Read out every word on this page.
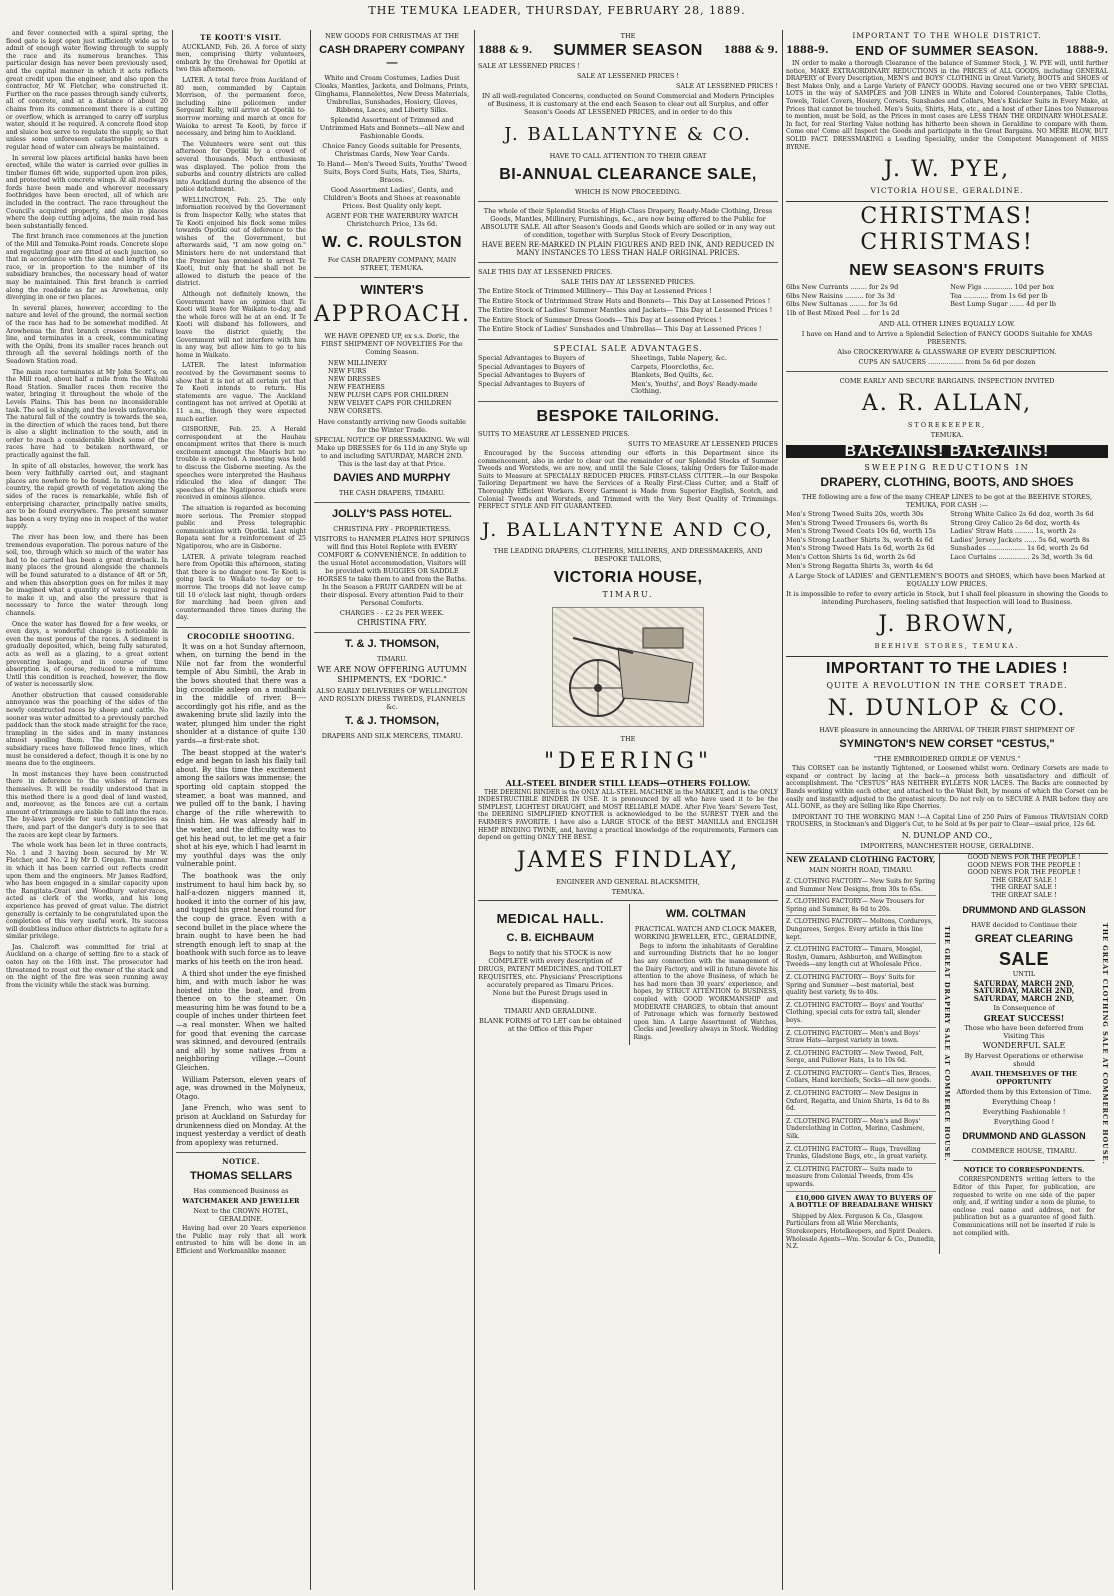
THE TEMUKA LEADER, THURSDAY, FEBRUARY 28, 1889.
and fever connected with a spiral spring, the flood gate is kept open just sufficiently wide as to admit of enough water flowing through to supply the race and its numerous branches. This particular design has never been previously used, and the capital manner in which it acts reflects great credit upon the engineer, and also upon the contractor, Mr W. Fletcher, who constructed it. Further on the race passes through sandy culverts, all of concrete, and at a distance of about 20 chains from its commencement there is a cutting or overflow, which is arranged to carry off surplus water, should it be required. A concrete flood stop and sluice box serve to regulate the supply, so that unless some unforeseen catastrophe occurs a regular head of water can always be maintained.
In several low places artificial banks have been erected, while the water is carried over gullies in timber flumes 6ft wide, supported upon iron piles, and protected with concrete wings. At all roadways fords have been made and wherever necessary footbridges have been erected, all of which are included in the contract. The race throughout the Council's acquired property, and also in places where the deep cutting adjoins, the main road has been substantially fenced.
The first branch race commences at the junction of the Mill and Temuka-Point roads. Concrete slope and regulating gear are fitted at each junction, so that in accordance with the size and length of the race, or in proportion to the number of its subsidiary branches, the necessary head of water may be maintained. This first branch is carried along the roadside as far as Arowhenua, only diverging in one or two places.
In several places, however, according to the nature and level of the ground, the normal section of the race has had to be somewhat modified. At Arowhenua the first branch crosses the railway line, and terminates in a creek, communicating with the Opihi, from its smaller races branch out through all the several holdings north of the Seadown Station road.
The main race terminates at Mr John Scott's, on the Mill road, about half a mile from the Waitohi Road Station. Smaller races then receive the water, bringing it throughout the whole of the Levels Plains. This has been no inconsiderable task. The soil is shingly, and the levels unfavorable. The natural fall of the country is towards the sea, in the direction of which the races tend, but there is also a slight inclination to the south, and in order to reach a considerable block some of the races have had to betaken northward, or practically against the fall.
In spite of all obstacles, however, the work has been very faithfully carried out, and stagnant places are nowhere to be found. In traversing the country, the rapid growth of vegetation along the sides of the races is remarkable, while fish of enterprising character, principally native smelts, are to be found everywhere. The present summer has been a very trying one in respect of the water supply.
The river has been low, and there has been tremendous evaporation. The porous nature of the soil, too, through which so much of the water has had to be carried has been a great drawback. In many places the ground alongside the channels will be found saturated to a distance of 4ft or 5ft, and when this absorption goes on for miles it may be imagined what a quantity of water is required to make it up, and also the pressure that is necessary to force the water through long channels.
Once the water has flowed for a few weeks, or even days, a wonderful change is noticeable in even the most porous of the races. A sediment is gradually deposited, which, being fully saturated, acts as well as a glazing, to a great extent preventing leakage, and in course of time absorption is, of course, reduced to a minimum. Until this condition is reached, however, the flow of water is necessarily slow.
Another obstruction that caused considerable annoyance was the poaching of the sides of the newly constructed races by sheep and cattle. No sooner was water admitted to a previously parched paddock than the stock made straight for the race, trampling in the sides and in many instances almost spoiling them. The majority of the subsidiary races have followed fence lines, which must be considered a defect, though it is one by no means due to the engineers.
In most instances they have been constructed there in deference to the wishes of farmers themselves. It will be readily understood that in this method there is a good deal of land wasted, and, moreover, as the fences are cut a certain amount of trimmings are liable to fall into the race. The by-laws provide for such contingencies as there, and part of the danger's duty is to see that the races are kept clear by farmers.
The whole work has been let in three contracts, No. 1 and 3 having been secured by Mr W. Fletcher, and No. 2 by Mr D. Gregan. The manner in which it has been carried out reflects credit upon them and the engineers. Mr James Radford, who has been engaged in a similar capacity upon the Rangitata-Orari and Woodbury water-races, acted as clerk of the works, and his long experience has proved of great value. The district generally is certainly to be congratulated upon the completion of this very useful work. Its success will doubtless induce other districts to agitate for a similar privilege.
Jas. Chalcroft was committed for trial at Auckland on a charge of setting fire to a stack of oaten hay on the 16th inst. The prosecutor had threatened to roust out the owner of the stack and on the night of the fire was seen running away from the vicinity while the stack was burning.
TE KOOTI'S VISIT.
AUCKLAND, Feb. 26. A force of sixty men, comprising thirty volunteers, embark by the Orehawai for Opotiki at two this afternoon.
LATER. A total force from Auckland of 80 men, commanded by Captain Morrison, of the permanent force, including nine policemen under Sergeant Kelly, will arrive at Opotiki to-morrow morning and march at once for Waioka to arrest Te Kooti, by force if necessary, and bring him to Auckland.
The Volunteers were sent out this afternoon for Opotiki by a crowd of several thousands. Much enthusiasm was displayed. The police from the suburbs and country districts are called into Auckland during the absence of the police detachment.
WELLINGTON, Feb. 25. The only information received by the Government is from Inspector Kelly, who states that Te Kooti enjoined his flock some miles towards Opotiki out of deference to the wishes of the Government, but afterwards said, "I am now going on." Ministers here do not understand that the Premier has promised to arrest Te Kooti, but only that he shall not be allowed to disturb the peace of the district.
Although not definitely known, the Government have an opinion that Te Kooti will leave for Waikato to-day, and the whole force will be at an end. If Te Kooti will disband his followers, and leave the district quietly, the Government will not interfere with him in any way, but allow him to go to his home in Waikato.
LATER. The latest information received by the Government seems to show that it is not at all certain yet that Te Kooti intends to return. His statements are vague. The Auckland contingent has not arrived at Opotiki at 11 a.m., though they were expected much earlier.
GISBORNE, Feb. 25. A Herald correspondent at the Hauhau encampment writes that there is much excitement amongst the Maoris but no trouble is expected. A meeting was held to discuss the Gisborne meeting. As the speeches were interpreted the Hauhaus ridiculed the idea of danger. The speeches of the Ngatiporou chiefs were received in ominous silence.
The situation is regarded as becoming more serious. The Premier stopped public and Press telegraphic communication with Opotiki. Last night Ropata sent for a reinforcement of 25 Ngatiporou, who are in Gisborne.
LATER. A private telegram reached here from Opotiki this afternoon, stating that there is no danger now. Te Kooti is going back to Waikato to-day or to-morrow. The troops did not leave camp till 10 o'clock last night, though orders for marching had been given and countermanded three times during the day.
CROCODILE SHOOTING.
It was on a hot Sunday afternoon, when, on turning the bend in the Nile not far from the wonderful temple of Abu Simbil, the Arab in the bows shouted that there was a big crocodile asleep on a mudbank in the middle of river. B---- accordingly got his rifle, and as the awakening brute slid lazily into the water, plunged him under the right shoulder at a distance of quite 130 yards—a first-rate shot.
The beast stopped at the water's edge and began to lash his flaily tail about. By this time the excitement among the sailors was immense; the sporting old captain stopped the steamer, a boat was manned, and we pulled off to the bank, I having charge of the rifle wherewith to finish him. He was already half in the water, and the difficulty was to get his head out, to let me get a fair shot at his eye, which I had learnt in my youthful days was the only vulnerable point.
The boathook was the only instrument to haul him back by, so half-a-dozen niggers manned it, hooked it into the corner of his jaw, and tugged his great head round for the coup de grace. Even with a second bullet in the place where the brain ought to have been he had strength enough left to snap at the boathook with such force as to leave marks of his teeth on the iron head.
A third shot under the eye finished him, and with much labor he was hoisted into the boat, and from thence on to the steamer. On measuring him he was found to be a couple of inches under thirteen feet—a real monster. When we halted for good that evening the carcase was skinned, and devoured (entrails and all) by some natives from a neighboring village.—Count Gleichen.
William Paterson, eleven years of age, was drowned in the Molyneux, Otago.
Jane French, who was sent to prison at Auckland on Saturday for drunkenness died on Monday. At the inquest yesterday a verdict of death from apoplexy was returned.
NOTICE.
THOMAS SELLARS
Has commenced Business as
WATCHMAKER AND JEWELLER
Next to the CROWN HOTEL, GERALDINE.
Having had over 20 Years experience the Public may rely that all work entrusted to him will be done in an Efficient and Workmanlike manner.
NEW GOODS FOR CHRISTMAS AT THE
CASH DRAPERY COMPANY—
White and Cream Costumes, Ladies Dust Cloaks, Mantles, Jackets, and Dolmans, Prints, Ginghams, Flannelettes, New Dress Materials, Umbrellas, Sunshades, Hosiery, Gloves, Ribbons, Laces, and Liberty Silks.
Splendid Assortment of Trimmed and Untrimmed Hats and Bonnets—all New and Fashionable Goods.
Choice Fancy Goods suitable for Presents, Christmas Cards, New Year Cards.
To Hand— Men's Tweed Suits, Youths' Tweed Suits, Boys Cord Suits, Hats, Ties, Shirts, Braces.
Good Assortment Ladies', Gents, and Children's Boots and Shoes at reasonable Prices. Best Quality only kept.
AGENT FOR THE WATERBURY WATCH Christchurch Price, 13s 6d.
W. C. ROULSTON
For CASH DRAPERY COMPANY, MAIN STREET, TEMUKA.
WINTER'S
APPROACH.
WE HAVE OPENED UP, ex s.s. Doric, the FIRST SHIPMENT OF NOVELTIES For the Coming Season.
NEW MILLINERY
NEW FURS
NEW DRESSES
NEW FEATHERS
NEW PLUSH CAPS FOR CHILDREN
NEW VELVET CAPS FOR CHILDREN
NEW CORSETS.
Have constantly arriving new Goods suitable for the Winter Trade.
SPECIAL NOTICE OF DRESSMAKING. We will Make up DRESSES for 6s 11d in any Style up to and including SATURDAY, MARCH 2ND. This is the last day at that Price.
DAVIES AND MURPHY
THE CASH DRAPERS, TIMARU.
JOLLY'S PASS HOTEL.
CHRISTINA FRY - PROPRIETRESS.
VISITORS to HANMER PLAINS HOT SPRINGS will find this Hotel Replete with EVERY COMFORT & CONVENIENCE. In addition to the usual Hotel accommodation, Visitors will be provided with BUGGIES OR SADDLE HORSES to take them to and from the Baths. In the Season a FRUIT GARDEN will be at their disposal. Every attention Paid to their Personal Comforts.
CHARGES - - £2 2s PER WEEK.
CHRISTINA FRY.
T. & J. THOMSON,
TIMARU.
WE ARE NOW OFFERING AUTUMN SHIPMENTS, EX "DORIC."
ALSO EARLY DELIVERIES OF WELLINGTON AND ROSLYN DRESS TWEEDS, FLANNELS &c.
T. & J. THOMSON,
DRAPERS AND SILK MERCERS, TIMARU.
THE
1888 & 9. SUMMER SEASON 1888 & 9.
SALE AT LESSENED PRICES !
SALE AT LESSENED PRICES !
SALE AT LESSENED PRICES !
IN all well-regulated Concerns, conducted on Sound Commercial and Modern Principles of Business, it is customary at the end each Season to clear out all Surplus, and offer Season's Goods AT LESSENED PRICES, and in order to do this
J. BALLANTYNE & CO.
HAVE TO CALL ATTENTION TO THEIR GREAT
BI-ANNUAL CLEARANCE SALE,
WHICH IS NOW PROCEEDING.
The whole of their Splendid Stocks of High-Class Drapery, Ready-Made Clothing, Dress Goods, Mantles, Millinery, Furnishings, &c., are now being offered to the Public for ABSOLUTE SALE. All after Season's Goods and Goods which are soiled or in any way out of condition, together with Surplus Stock of Every Description,
HAVE BEEN RE-MARKED IN PLAIN FIGURES AND RED INK, AND REDUCED IN MANY INSTANCES TO LESS THAN HALF ORIGINAL PRICES.
SALE THIS DAY AT LESSENED PRICES.
SALE THIS DAY AT LESSENED PRICES.
The Entire Stock of Trimmed Millinery— This Day at Lessened Prices !
The Entire Stock of Untrimmed Straw Hats and Bonnets— This Day at Lessened Prices !
The Entire Stock of Ladies' Summer Mantles and Jackets— This Day at Lessened Prices !
The Entire Stock of Summer Dress Goods— This Day at Lessened Prices !
The Entire Stock of Ladies' Sunshades and Umbrellas— This Day at Lessened Prices !
SPECIAL SALE ADVANTAGES.
Special Advantages to Buyers of	Sheetings, Table Napery, &c.
Special Advantages to Buyers of	Carpets, Floorcloths, &c.
Special Advantages to Buyers of	Blankets, Bed Quilts, &c.
Special Advantages to Buyers of	Men's, Youths', and Boys' Ready-made Clothing.
BESPOKE TAILORING.
SUITS TO MEASURE AT LESSENED PRICES.
SUITS TO MEASURE AT LESSENED PRICES
Encouraged by the Success attending our efforts in this Department since its commencement, also in order to clear out the remainder of our Splendid Stocks of Summer Tweeds and Worsteds, we are now, and until the Sale Closes, taking Orders for Tailor-made Suits to Measure at SPECIALLY REDUCED PRICES. FIRST-CLASS CUTTER.—In our Bespoke Tailoring Department we have the Services of a Really First-Class Cutter, and a Staff of Thoroughly Efficient Workers. Every Garment is Made from Superior English, Scotch, and Colonial Tweeds and Worsteds, and Trimmed with the Very Best Quality of Trimmings. PERFECT STYLE AND FIT GUARANTEED.
J. BALLANTYNE AND CO,
THE LEADING DRAPERS, CLOTHIERS, MILLINERS, AND DRESSMAKERS, AND BESPOKE TAILORS,
VICTORIA HOUSE,
TIMARU.
THE
"DEERING"
ALL-STEEL BINDER STILL LEADS—OTHERS FOLLOW.
THE DEERING BINDER is the ONLY ALL-STEEL MACHINE in the MARKET, and is the ONLY INDESTRUCTIBLE BINDER IN USE. It is pronounced by all who have used it to be the SIMPLEST, LIGHTEST DRAUGHT, and MOST RELIABLE MADE. After Five Years' Severe Test, the DEERING SIMPLIFIED KNOTTER is acknowledged to be the SUREST TYER and the FARMER'S FAVORITE. I have also a LARGE STOCK of the BEST MANILLA and ENGLISH HEMP BINDING TWINE, and, having a practical knowledge of the requirements, Farmers can depend on getting ONLY THE BEST.
JAMES FINDLAY,
ENGINEER AND GENERAL BLACKSMITH,
TEMUKA.
MEDICAL HALL.
C. B. EICHBAUM
Begs to notify that his STOCK is now COMPLETE with every description of DRUGS, PATENT MEDICINES, and TOILET REQUISITES, etc. Physicians' Prescriptions accurately prepared as Timaru Prices. None but the Purest Drugs used in dispensing.
TIMARU AND GERALDINE.
BLANK FORMS of TO LET can be obtained at the Office of this Paper
WM. COLTMAN
PRACTICAL WATCH AND CLOCK MAKER, WORKING JEWELLER, ETC., GERALDINE,
Begs to inform the inhabitants of Geraldine and surrounding Districts that he no longer has any connection with the management of the Dairy Factory, and will in future devote his attention to the above Business, of which he has had more than 30 years' experience, and hopes, by STRICT ATTENTION to BUSINESS, coupled with GOOD WORKMANSHIP and MODERATE CHARGES, to obtain that amount of Patronage which was formerly bestowed upon him. A Large Assortment of Watches, Clocks and Jewellery always in Stock. Wedding Rings.
IMPORTANT TO THE WHOLE DISTRICT.
1888-9. END OF SUMMER SEASON.	1888-9.
IN order to make a thorough Clearance of the balance of Summer Stock, J. W. PYE will, until further notice, MAKE EXTRAORDINARY REDUCTIONS in the PRICES of ALL GOODS, including GENERAL DRAPERY of Every Description, MEN'S and BOYS' CLOTHING in Great Variety, BOOTS and SHOES of Best Makes Only, and a Large Variety of FANCY GOODS. Having secured one or two VERY SPECIAL LOTS in the way of SAMPLES and JOB LINES in White and Colored Counterpanes, Table Cloths, Towels, Toilet Covers, Hosiery, Corsets, Sunshades and Collars, Men's Knicker Suits in Every Make, at Prices that cannot be touched. Men's Suits, Shirts, Hats, etc., and a host of other Lines too Numerous to mention, must be Sold, as the Prices in most cases are LESS THAN THE ORDINARY WHOLESALE. In fact, for real Sterling Value nothing has hitherto been shown in Geraldine to compare with them. Come one! Come all! Inspect the Goods and participate in the Great Bargains. NO MERE BLOW, BUT SOLID FACT. DRESSMAKING a Leading Speciality, under the Competent Management of MISS BYRNE.
J. W. PYE,
VICTORIA HOUSE, GERALDINE.
CHRISTMAS! CHRISTMAS!
NEW SEASON'S FRUITS
6lbs New Currants ........ for 2s 9d	New Figs .............. 10d per box
6lbs New Raisins ......... for 3s 3d	Tea ............ from 1s 6d per lb
6lbs New Sultanas ........ for 3s 6d	Best Lump Sugar ....... 4d per lb
1lb of Best Mixed Peel ... for 1s 2d
AND ALL OTHER LINES EQUALLY LOW.
I have on Hand and to Arrive a Splendid Selection of FANCY GOODS Suitable for XMAS PRESENTS.
Also CROCKERYWARE & GLASSWARE OF EVERY DESCRIPTION.
CUPS AN SAUCERS ................. from 5s 6d per dozen
COME EARLY AND SECURE BARGAINS. INSPECTION INVITED
A. R. ALLAN,
STOREKEEPER,
TEMUKA.
BARGAINS! BARGAINS!
SWEEPING REDUCTIONS IN
DRAPERY, CLOTHING, BOOTS, AND SHOES
THE following are a few of the many CHEAP LINES to be got at the BEEHIVE STORES, TEMUKA, FOR CASH :—
Men's Strong Tweed Suits 20s, worth 30s	Strong White Calico 2s 6d doz, worth 3s 6d
Men's Strong Tweed Trousers 6s, worth 8s	Strong Grey Calico 2s 6d doz, worth 4s
Men's Strong Tweed Coats 10s 6d, worth 15s	Ladies' Straw Hats ......... 1s, worth 2s
Men's Strong Leather Shirts 3s, worth 4s 6d	Ladies' Jersey Jackets ...... 5s 6d, worth 8s
Men's Strong Tweed Hats 1s 6d, worth 2s 6d	Sunshades .................. 1s 6d, worth 2s 6d
Men's Cotton Shirts 1s 6d, worth 2s 6d	Lace Curtains ............... 2s 3d, worth 3s 6d
Men's Strong Regatta Shirts 3s, worth 4s 6d
A Large Stock of LADIES' and GENTLEMEN'S BOOTS and SHOES, which have been Marked at EQUALLY LOW PRICES.
It is impossible to refer to every article in Stock, but I shall feel pleasure in showing the Goods to intending Purchasers, feeling satisfied that Inspection will lead to Business.
J. BROWN,
BEEHIVE STORES, TEMUKA.
IMPORTANT TO THE LADIES !
QUITE A REVOLUTION IN THE CORSET TRADE.
N. DUNLOP & CO.
HAVE pleasure in announcing the ARRIVAL OF THEIR FIRST SHIPMENT OF
SYMINGTON'S NEW CORSET "CESTUS,"
"THE EMBROIDERED GIRDLE OF VENUS."
This CORSET can be instantly Tightened, or Loosened whilst worn. Ordinary Corsets are made to expand or contract by lacing at the back—a process both unsatisfactory and difficult of accomplishment. The "CESTUS" HAS NEITHER EYLLETS NOR LACES. The Backs are connected by Bands working within each other, and attached to the Waist Belt, by means of which the Corset can be easily and instantly adjusted to the greatest nicety. Do not rely on to SECURE A PAIR before they are ALL GONE, as they are Selling like Ripe Cherries.
IMPORTANT TO THE WORKING MAN !—A Capital Line of 250 Pairs of Famous TRAVISIAN CORD TROUSERS, in Stockman's and Digger's Cut, to be Sold at 9s per pair to Clear—usual price, 12s 6d.
N. DUNLOP AND CO.,
IMPORTERS, MANCHESTER HOUSE, GERALDINE.
NEW ZEALAND CLOTHING FACTORY,
MAIN NORTH ROAD, TIMARU.
Z. CLOTHING FACTORY— New Suits for Spring and Summer New Designs, from 30s to 65s.
Z. CLOTHING FACTORY— New Trousers for Spring and Summer, 8s 6d to 20s.
Z. CLOTHING FACTORY— Meltons, Corduroys, Dungarees, Serges. Every article in this line kept.
Z. CLOTHING FACTORY— Timaru, Mosgiel, Roslyn, Oamaru, Ashburton, and Wellington Tweeds—any length cut at Wholesale Price.
Z. CLOTHING FACTORY— Boys' Suits for Spring and Summer —best material, best quality best variety, 9s to 40s.
Z. CLOTHING FACTORY— Boys' and Youths' Clothing, special cuts for extra tall, slender boys.
Z. CLOTHING FACTORY— Men's and Boys' Straw Hats—largest variety in town.
Z. CLOTHING FACTORY— New Tweed, Felt, Serge, and Pullover Hats, 1s to 10s 6d.
Z. CLOTHING FACTORY— Gent's Ties, Braces, Collars, Hand kerchiefs, Socks—all new goods.
Z. CLOTHING FACTORY— New Designs in Oxford, Regatta, and Union Shirts, 1s 6d to 8s 6d.
Z. CLOTHING FACTORY— Men's and Boys' Underclothing in Cotton, Merino, Cashmere, Silk.
Z. CLOTHING FACTORY— Rugs, Travelling Trunks, Gladstone Bags, etc., in great variety.
Z. CLOTHING FACTORY— Suits made to measure from Colonial Tweeds, from 45s upwards.
£10,000 GIVEN AWAY TO BUYERS OF A BOTTLE OF BREADALBANE WHISKY
Shipped by Alex. Ferguson & Co., Glasgow. Particulars from all Wine Merchants, Storekeepers, Hotelkeepers, and Spirit Dealers. Wholesale Agents—Wm. Scoular & Co., Dunedin, N.Z.
THE GREAT DRAPERY SALE AT COMMERCE HOUSE.
GOOD NEWS FOR THE PEOPLE !
GOOD NEWS FOR THE PEOPLE !
GOOD NEWS FOR THE PEOPLE !
THE GREAT SALE !
THE GREAT SALE !
THE GREAT SALE !
DRUMMOND AND GLASSON
HAVE decided to Continue their
GREAT CLEARING
SALE
UNTIL
SATURDAY, MARCH 2ND,
SATURDAY, MARCH 2ND,
SATURDAY, MARCH 2ND,
In Consequence of
GREAT SUCCESS!
Those who have been deferred from Visiting This
WONDERFUL SALE
By Harvest Operations or otherwise should
AVAIL THEMSELVES OF THE OPPORTUNITY
Afforded them by this Extension of Time.
Everything Cheap !
Everything Fashionable !
Everything Good !
DRUMMOND AND GLASSON
COMMERCE HOUSE, TIMARU.
NOTICE TO CORRESPONDENTS.
CORRESPONDENTS writing letters to the Editor of this Paper, for publication, are requested to write on one side of the paper only, and, if writing under a nom de plume, to enclose real name and address, not for publication but as a guarantee of good faith. Communications will not be inserted if rule is not complied with.
THE GREAT CLOTHING SALE AT COMMERCE HOUSE.
